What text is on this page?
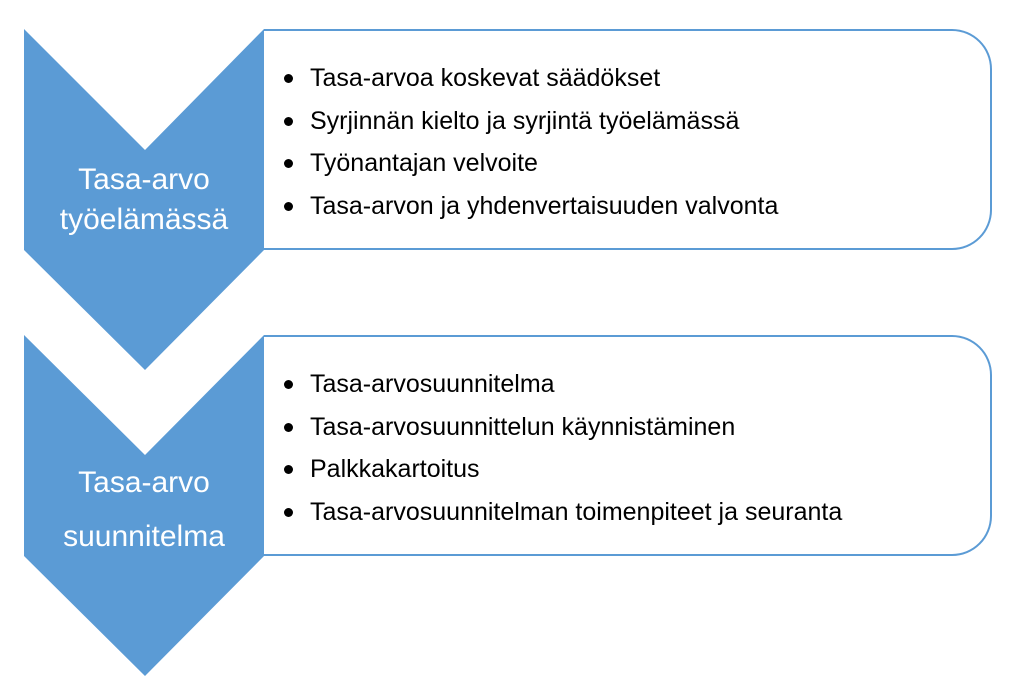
Tasa-arvo
työelämässä
Tasa-arvo
suunnitelma
Tasa-arvoa koskevat säädökset
Syrjinnän kielto ja syrjintä työelämässä
Työnantajan velvoite
Tasa-arvon ja yhdenvertaisuuden valvonta
Tasa-arvosuunnitelma
Tasa-arvosuunnittelun käynnistäminen
Palkkakartoitus
Tasa-arvosuunnitelman toimenpiteet ja seuranta
